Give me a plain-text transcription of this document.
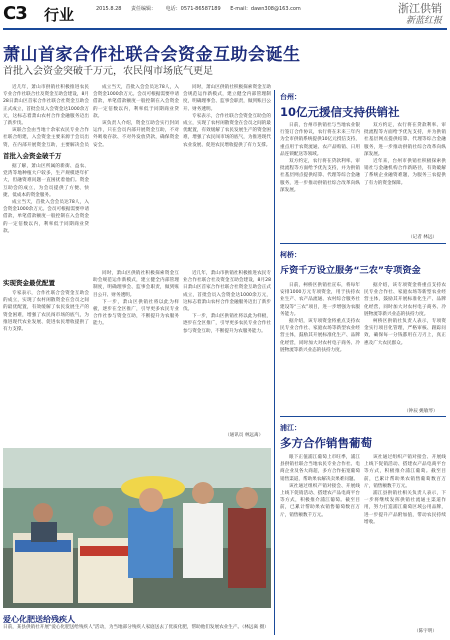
C3 行业	2015.8.28 责任编辑： 电话：0571-86587189 E-mail：dawn308@163.com	浙江供销
新蓝红报
萧山首家合作社联合会资金互助会诞生
首批入会资金突破千万元，农民闯市场底气更足

近几年，萧山市供销社积极推进农民专业合作社联合社及资金互助会建设，8月28日萧山区首家合作社联合社资金互助会正式成立，首批会员入会资金达1000余万元，这标志着萧山农村合作金融服务迈出了新步伐。

该联合会由当地十余家农民专业合作社联合组建，入会资金主要来源于会员出资，在内部开展资金互助，主要解决会员

首批入会资金破千万

据了解，萧山区所属的新街、益农、党湾等地种植大户较多，生产规模逐年扩大，但融资难问题一直困扰着他们。资金互助会的成立，为会员提供了方便、快捷、低成本的资金服务。

成立当天，首批入会会员达78人，入会资金1000余万元。会员可根据需要申请借款，单笔借款额度一般控制在入会资金的一定倍数以内，利率低于同期商业贷款。

实现资金最优配置

成立当天，首批入会会员达78人，入会资金1000余万元。会员可根据需要申请借款，单笔借款额度一般控制在入会资金的一定倍数以内，利率低于同期商业贷款。

该负责人介绍，资金互助会实行封闭运作，只在会员内部开展资金互助，不对外吸收存款、不对外发放贷款，确保资金安全。

同时，萧山区供销社积极探索资金互助会规范运作新模式，建立健全内部管理制度，明确理事会、监事会职责，做到账目公开、财务透明。

专家表示，合作社联合会资金互助会的成立，实现了农村闲散资金在会员之间的最优配置，有效缓解了农民发展生产的资金困难，增强了农民闯市场的底气，为推进现代农业发展、促进农民增收提供了有力支撑。

专家表示，合作社联合会资金互助会的成立，实现了农村闲散资金在会员之间的最优配置，有效缓解了农民发展生产的资金困难，增强了农民闯市场的底气，为推进现代农业发展、促进农民增收提供了有力支撑。

同时，萧山区供销社积极探索资金互助会规范运作新模式，建立健全内部管理制度，明确理事会、监事会职责，做到账目公开、财务透明。

下一步，萧山区供销社将以此为样板，逐步在全区推广，引导更多农民专业合作社参与资金互助，不断提升为农服务能力。

近几年，萧山市供销社积极推进农民专业合作社联合社及资金互助会建设，8月28日萧山区首家合作社联合社资金互助会正式成立，首批会员入会资金达1000余万元，这标志着萧山农村合作金融服务迈出了新步伐。

下一步，萧山区供销社将以此为样板，逐步在全区推广，引导更多农民专业合作社参与资金互助，不断提升为农服务能力。

（通讯员 林远离）
爱心化肥送给残疾人
日前，某县供销社开展“爱心化肥送给残疾人”活动，为当地部分残疾人家庭送去了优质化肥，帮助他们发展农业生产。（林远离 摄）
台州：
10亿元援信支持供销社

日前，台州市供销社与当地农业银行签订合作协议，农行将在未来三年内为全市供销系统提供10亿元授信支持，重点用于农资流通、农产品购销、日用品连锁配送等领域。

双方约定，农行将在贷款利率、审批流程等方面给予优先支持，并为供销社基层网点提供结算、代理等综合金融服务，进一步推动供销社综合改革向纵深发展。

双方约定，农行将在贷款利率、审批流程等方面给予优先支持，并为供销社基层网点提供结算、代理等综合金融服务，进一步推动供销社综合改革向纵深发展。

近年来，台州市供销社积极探索供销社与金融机构合作新路径，有效破解了系统企业融资难题，为服务三农提供了有力的资金保障。

（记者 林远）
柯桥：
斥资千万设立服务“三农”专项资金

日前，柯桥区供销社宣布，将每年安排1000万元专项资金，用于扶持农业生产、农产品流通、农村综合服务社建设等“三农”项目，进一步增强为农服务能力。

据介绍，该专项资金将重点支持农民专业合作社、家庭农场等新型农业经营主体，鼓励其开展标准化生产、品牌化经营，同时加大对农村电子商务、冷链物流等新兴业态的扶持力度。

据介绍，该专项资金将重点支持农民专业合作社、家庭农场等新型农业经营主体，鼓励其开展标准化生产、品牌化经营，同时加大对农村电子商务、冷链物流等新兴业态的扶持力度。

柯桥区供销社负责人表示，专项资金实行项目化管理，严格审核、跟踪问效，确保每一分钱都用在刀刃上，真正惠及广大农民群众。

（钟辰 姚敏琴）
浦江：
多方合作销售葡萄

眼下正值浦江葡萄上市旺季，浦江县供销社联合当地农民专业合作社、电商企业及各大商超，多方合作拓宽葡萄销售渠道，帮助果农解决卖果难问题。

该社通过组织产销对接会、开展线上线下促销活动、搭建农产品电商平台等方式，积极推介浦江葡萄。截至目前，已累计帮助果农销售葡萄数百万斤，销售额数千万元。

该社通过组织产销对接会、开展线上线下促销活动、搭建农产品电商平台等方式，积极推介浦江葡萄。截至目前，已累计帮助果农销售葡萄数百万斤，销售额数千万元。

浦江县供销社相关负责人表示，下一步将继续发挥供销社流通主渠道作用，努力打造浦江葡萄区域公用品牌，进一步提升产品附加值，带动农民持续增收。

（陈宇明）
